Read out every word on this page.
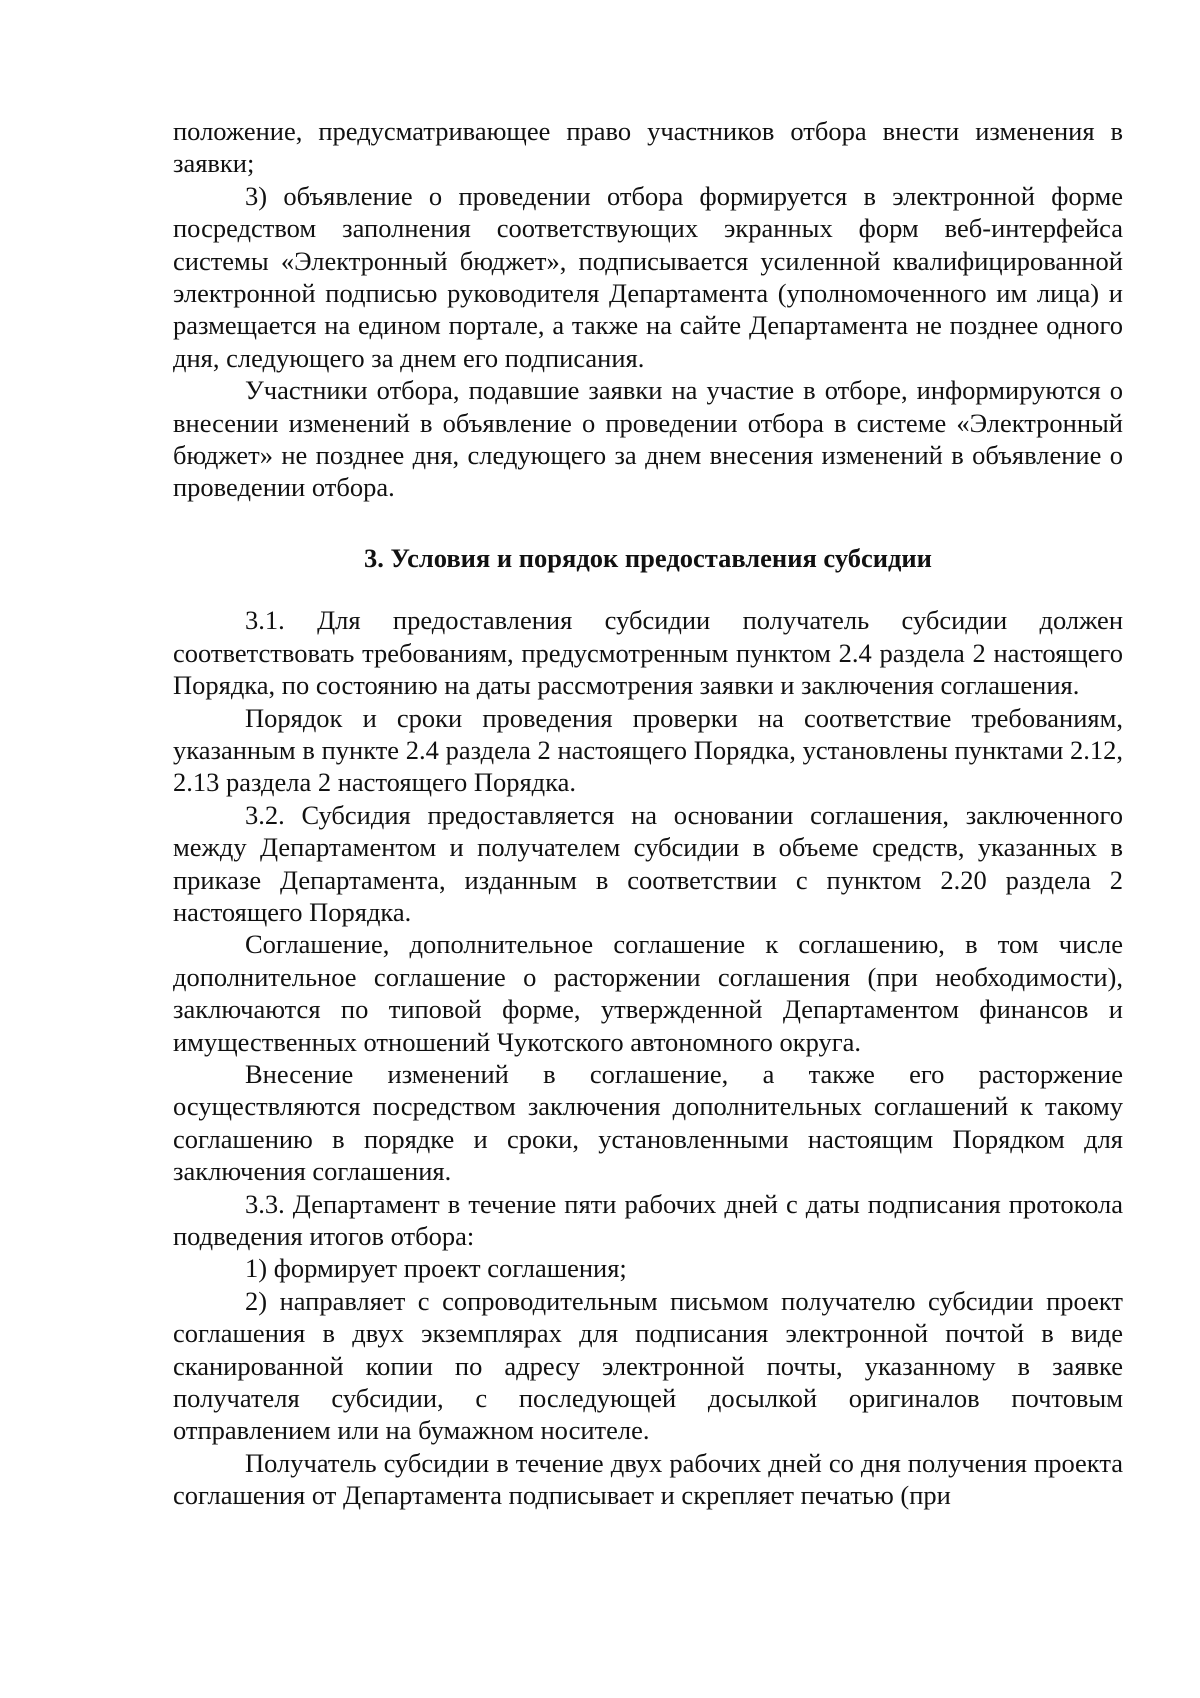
положение, предусматривающее право участников отбора внести изменения в заявки;

3) объявление о проведении отбора формируется в электронной форме посредством заполнения соответствующих экранных форм веб-интерфейса системы «Электронный бюджет», подписывается усиленной квалифицированной электронной подписью руководителя Департамента (уполномоченного им лица) и размещается на едином портале, а также на сайте Департамента не позднее одного дня, следующего за днем его подписания.

Участники отбора, подавшие заявки на участие в отборе, информируются о внесении изменений в объявление о проведении отбора в системе «Электронный бюджет» не позднее дня, следующего за днем внесения изменений в объявление о проведении отбора.

3. Условия и порядок предоставления субсидии

3.1. Для предоставления субсидии получатель субсидии должен соответствовать требованиям, предусмотренным пунктом 2.4 раздела 2 настоящего Порядка, по состоянию на даты рассмотрения заявки и заключения соглашения.

Порядок и сроки проведения проверки на соответствие требованиям, указанным в пункте 2.4 раздела 2 настоящего Порядка, установлены пунктами 2.12, 2.13 раздела 2 настоящего Порядка.

3.2. Субсидия предоставляется на основании соглашения, заключенного между Департаментом и получателем субсидии в объеме средств, указанных в приказе Департамента, изданным в соответствии с пунктом 2.20 раздела 2 настоящего Порядка.

Соглашение, дополнительное соглашение к соглашению, в том числе дополнительное соглашение о расторжении соглашения (при необходимости), заключаются по типовой форме, утвержденной Департаментом финансов и имущественных отношений Чукотского автономного округа.

Внесение изменений в соглашение, а также его расторжение осуществляются посредством заключения дополнительных соглашений к такому соглашению в порядке и сроки, установленными настоящим Порядком для заключения соглашения.

3.3. Департамент в течение пяти рабочих дней с даты подписания протокола подведения итогов отбора:

1) формирует проект соглашения;

2) направляет с сопроводительным письмом получателю субсидии проект соглашения в двух экземплярах для подписания электронной почтой в виде сканированной копии по адресу электронной почты, указанному в заявке получателя субсидии, с последующей досылкой оригиналов почтовым отправлением или на бумажном носителе.

Получатель субсидии в течение двух рабочих дней со дня получения проекта соглашения от Департамента подписывает и скрепляет печатью (при
